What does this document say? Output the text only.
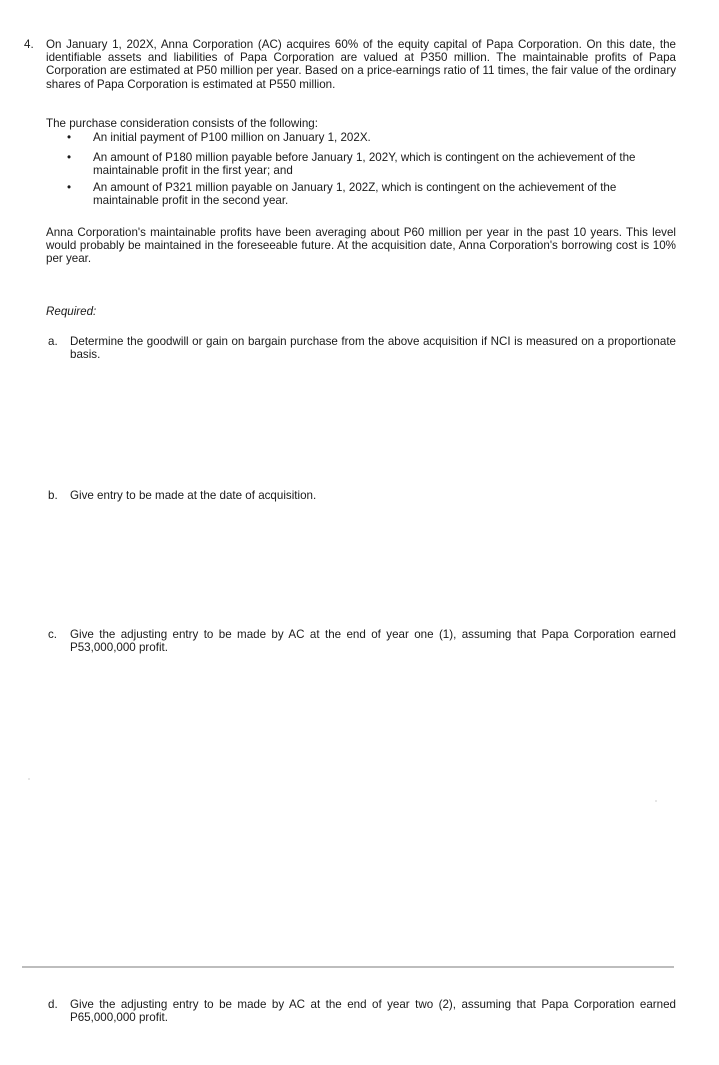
4. On January 1, 202X, Anna Corporation (AC) acquires 60% of the equity capital of Papa Corporation. On this date, the identifiable assets and liabilities of Papa Corporation are valued at P350 million. The maintainable profits of Papa Corporation are estimated at P50 million per year. Based on a price-earnings ratio of 11 times, the fair value of the ordinary shares of Papa Corporation is estimated at P550 million.
The purchase consideration consists of the following:
• An initial payment of P100 million on January 1, 202X.
• An amount of P180 million payable before January 1, 202Y, which is contingent on the achievement of the maintainable profit in the first year; and
• An amount of P321 million payable on January 1, 202Z, which is contingent on the achievement of the maintainable profit in the second year.
Anna Corporation's maintainable profits have been averaging about P60 million per year in the past 10 years. This level would probably be maintained in the foreseeable future. At the acquisition date, Anna Corporation's borrowing cost is 10% per year.
Required:
a. Determine the goodwill or gain on bargain purchase from the above acquisition if NCI is measured on a proportionate basis.
b. Give entry to be made at the date of acquisition.
c. Give the adjusting entry to be made by AC at the end of year one (1), assuming that Papa Corporation earned P53,000,000 profit.
d. Give the adjusting entry to be made by AC at the end of year two (2), assuming that Papa Corporation earned P65,000,000 profit.
